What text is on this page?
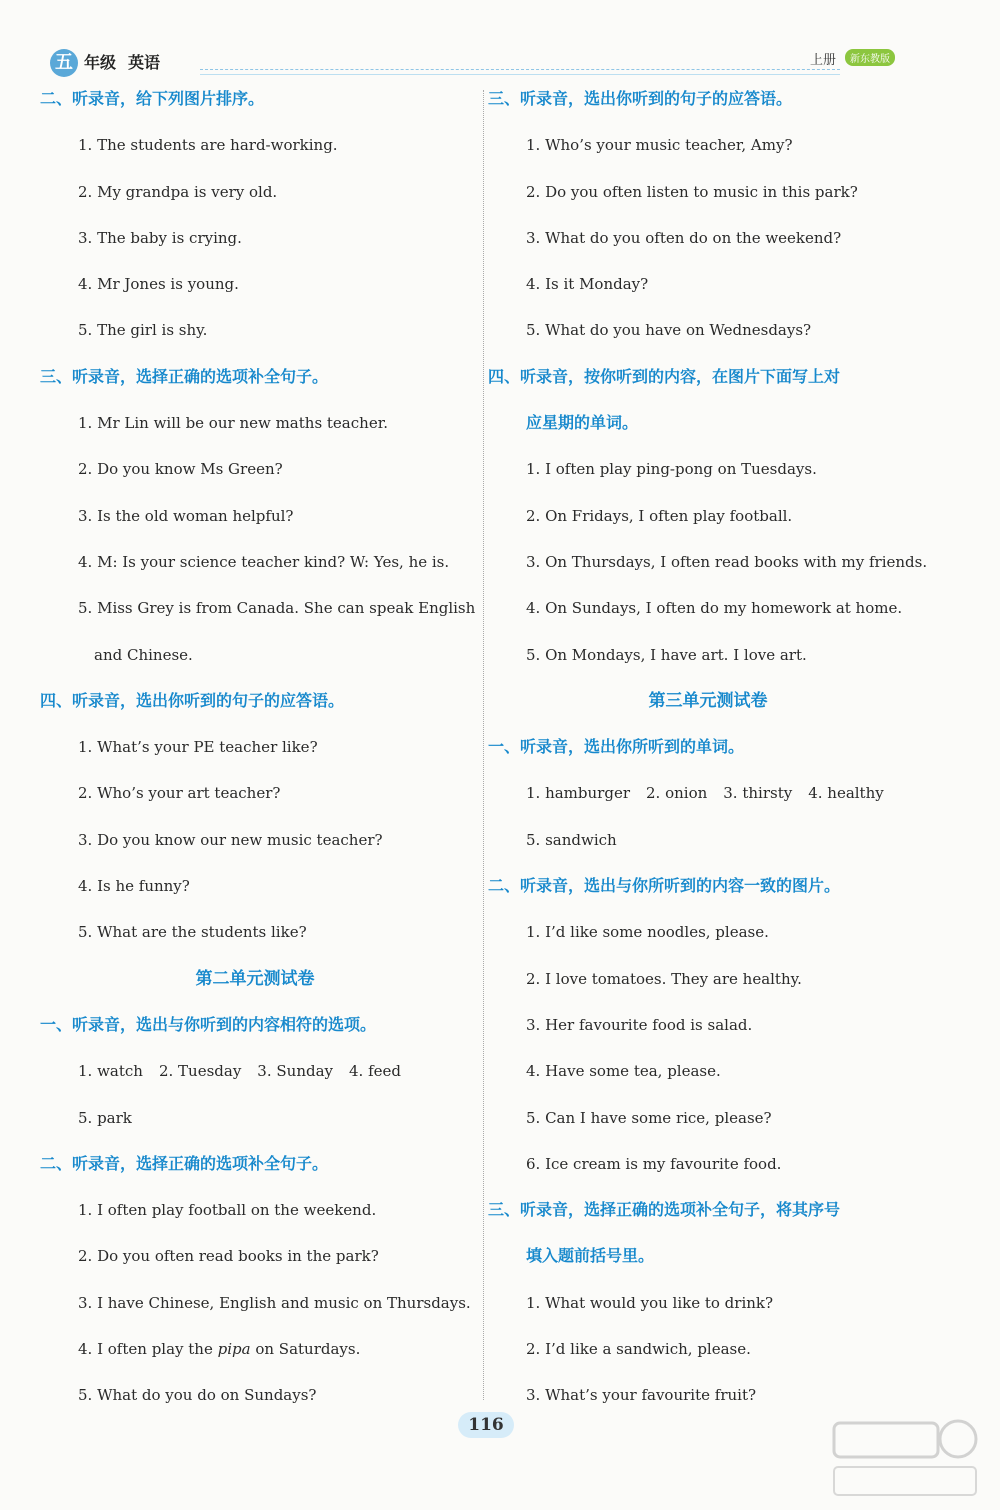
五 年级 英语	上册	新东教版
二、听录音，给下列图片排序。
1. The students are hard-working.
2. My grandpa is very old.
3. The baby is crying.
4. Mr Jones is young.
5. The girl is shy.
三、听录音，选择正确的选项补全句子。
1. Mr Lin will be our new maths teacher.
2. Do you know Ms Green?
3. Is the old woman helpful?
4. M: Is your science teacher kind? W: Yes, he is.
5. Miss Grey is from Canada. She can speak English
and Chinese.
四、听录音，选出你听到的句子的应答语。
1. What’s your PE teacher like?
2. Who’s your art teacher?
3. Do you know our new music teacher?
4. Is he funny?
5. What are the students like?
第二单元测试卷
一、听录音，选出与你听到的内容相符的选项。
1. watch 2. Tuesday 3. Sunday 4. feed
5. park
二、听录音，选择正确的选项补全句子。
1. I often play football on the weekend.
2. Do you often read books in the park?
3. I have Chinese, English and music on Thursdays.
4. I often play the pipa on Saturdays.
5. What do you do on Sundays?
三、听录音，选出你听到的句子的应答语。
1. Who’s your music teacher, Amy?
2. Do you often listen to music in this park?
3. What do you often do on the weekend?
4. Is it Monday?
5. What do you have on Wednesdays?
四、听录音，按你听到的内容，在图片下面写上对
应星期的单词。
1. I often play ping-pong on Tuesdays.
2. On Fridays, I often play football.
3. On Thursdays, I often read books with my friends.
4. On Sundays, I often do my homework at home.
5. On Mondays, I have art. I love art.
第三单元测试卷
一、听录音，选出你所听到的单词。
1. hamburger 2. onion 3. thirsty 4. healthy
5. sandwich
二、听录音，选出与你所听到的内容一致的图片。
1. I’d like some noodles, please.
2. I love tomatoes. They are healthy.
3. Her favourite food is salad.
4. Have some tea, please.
5. Can I have some rice, please?
6. Ice cream is my favourite food.
三、听录音，选择正确的选项补全句子，将其序号
填入题前括号里。
1. What would you like to drink?
2. I’d like a sandwich, please.
3. What’s your favourite fruit?
116
